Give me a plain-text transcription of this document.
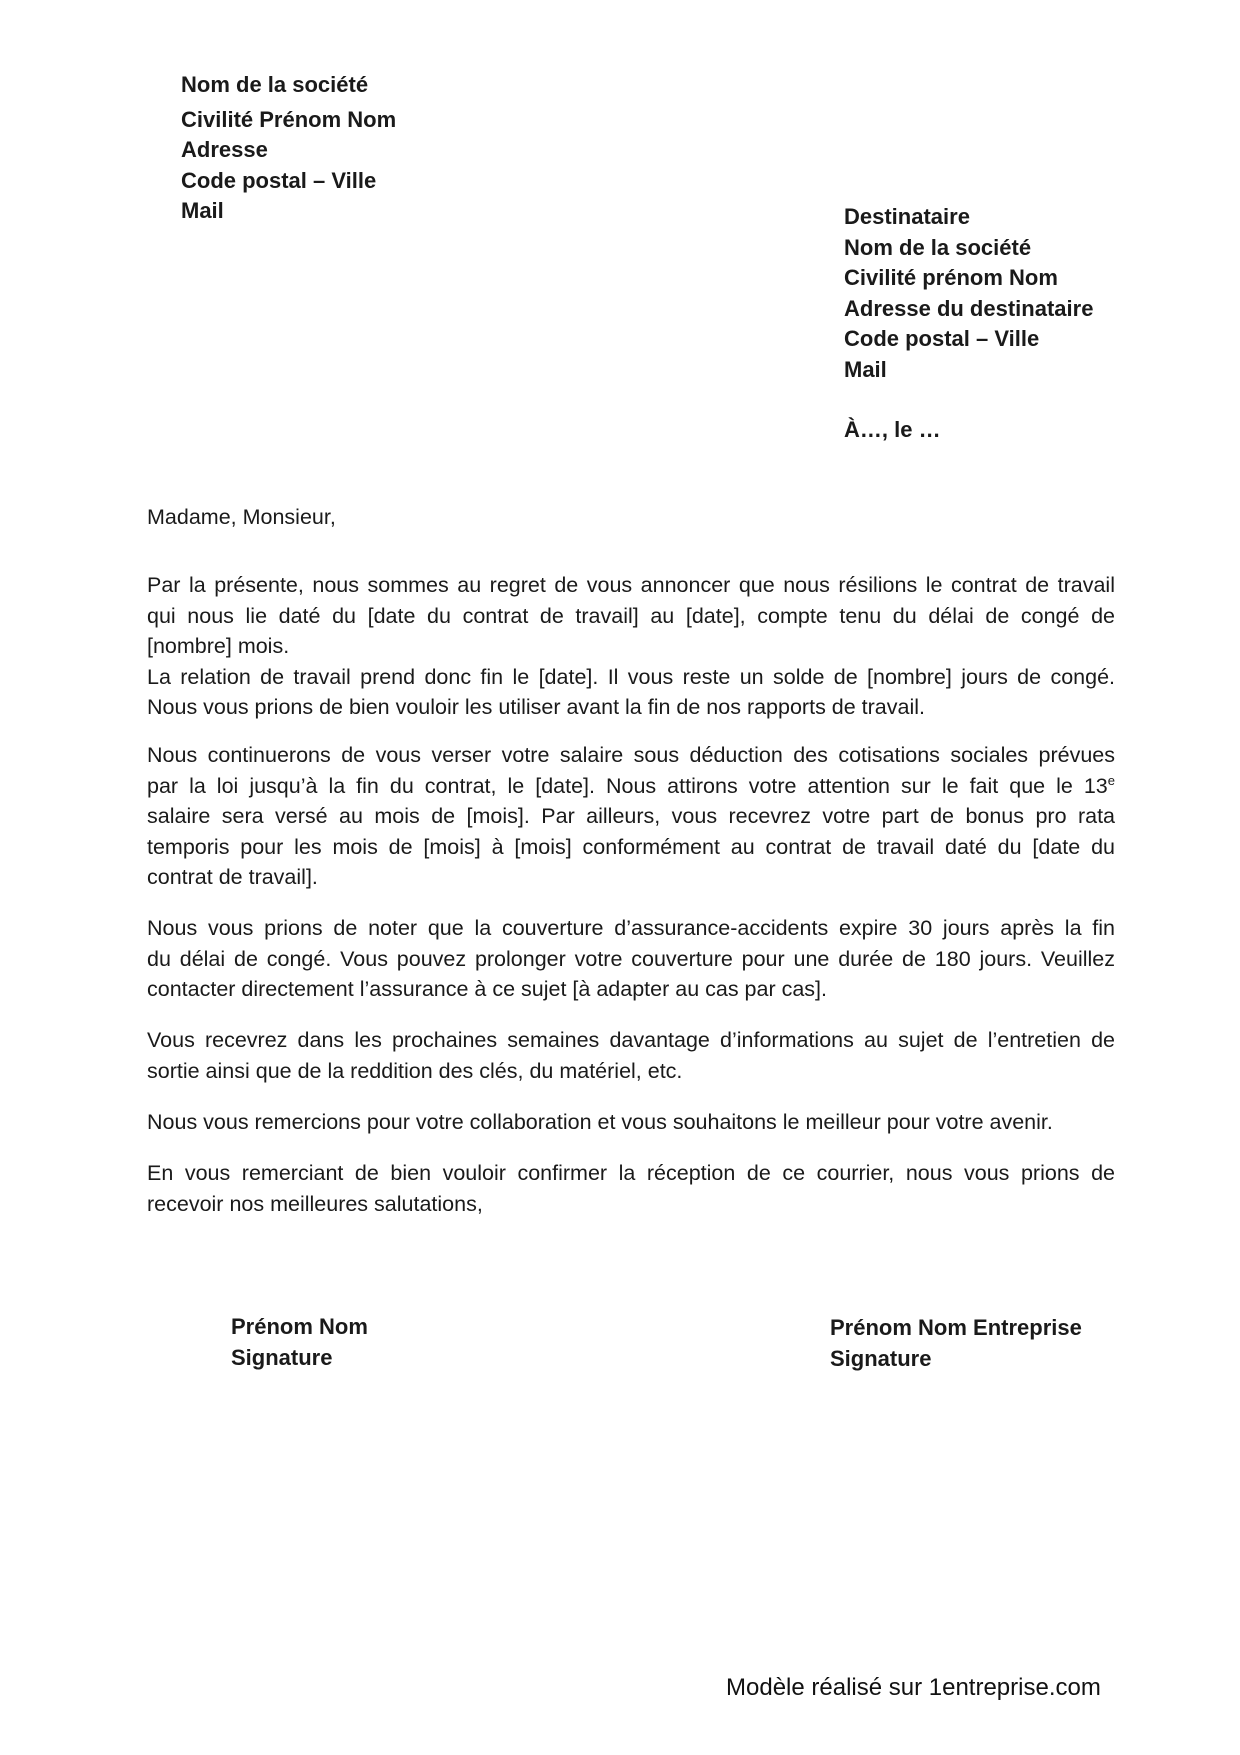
Nom de la société
Civilité Prénom Nom
Adresse
Code postal – Ville
Mail	Destinataire
Nom de la société
Civilité prénom Nom
Adresse du destinataire
Code postal – Ville
Mail
À…, le …
Madame, Monsieur,
Par la présente, nous sommes au regret de vous annoncer que nous résilions le contrat de travail
qui nous lie daté du [date du contrat de travail] au [date], compte tenu du délai de congé de
[nombre] mois.
La relation de travail prend donc fin le [date]. Il vous reste un solde de [nombre] jours de congé.
Nous vous prions de bien vouloir les utiliser avant la fin de nos rapports de travail.
Nous continuerons de vous verser votre salaire sous déduction des cotisations sociales prévues
par la loi jusqu’à la fin du contrat, le [date]. Nous attirons votre attention sur le fait que le 13e
salaire sera versé au mois de [mois]. Par ailleurs, vous recevrez votre part de bonus pro rata
temporis pour les mois de [mois] à [mois] conformément au contrat de travail daté du [date du
contrat de travail].
Nous vous prions de noter que la couverture d’assurance-accidents expire 30 jours après la fin
du délai de congé. Vous pouvez prolonger votre couverture pour une durée de 180 jours. Veuillez
contacter directement l’assurance à ce sujet [à adapter au cas par cas].
Vous recevrez dans les prochaines semaines davantage d’informations au sujet de l’entretien de
sortie ainsi que de la reddition des clés, du matériel, etc.
Nous vous remercions pour votre collaboration et vous souhaitons le meilleur pour votre avenir.
En vous remerciant de bien vouloir confirmer la réception de ce courrier, nous vous prions de
recevoir nos meilleures salutations,
Prénom Nom
Signature
Prénom Nom Entreprise
Signature
Modèle réalisé sur 1entreprise.com
